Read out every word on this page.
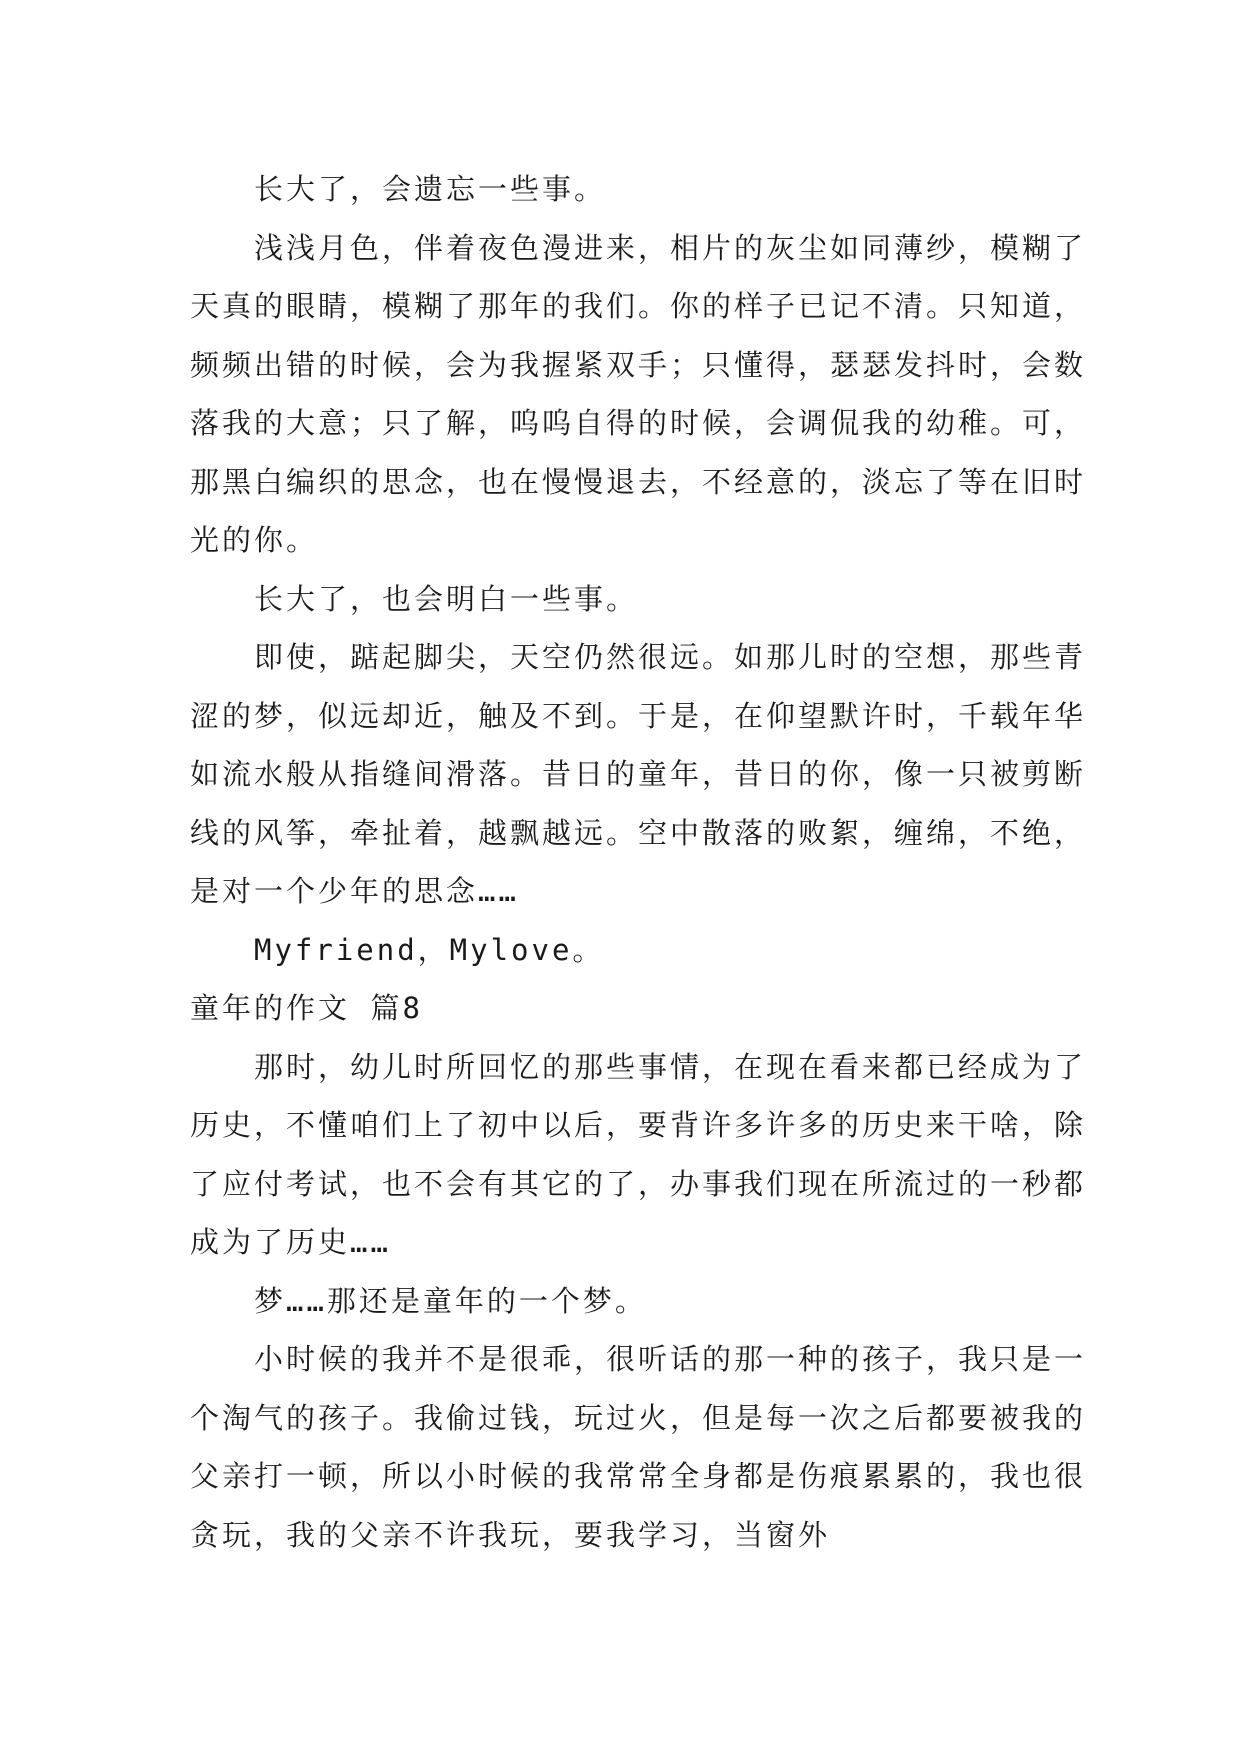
长大了，会遗忘一些事。

浅浅月色，伴着夜色漫进来，相片的灰尘如同薄纱，模糊了天真的眼睛，模糊了那年的我们。你的样子已记不清。只知道，频频出错的时候，会为我握紧双手；只懂得，瑟瑟发抖时，会数落我的大意；只了解，呜呜自得的时候，会调侃我的幼稚。可，那黑白编织的思念，也在慢慢退去，不经意的，淡忘了等在旧时光的你。

长大了，也会明白一些事。

即使，踮起脚尖，天空仍然很远。如那儿时的空想，那些青涩的梦，似远却近，触及不到。于是，在仰望默许时，千载年华如流水般从指缝间滑落。昔日的童年，昔日的你，像一只被剪断线的风筝，牵扯着，越飘越远。空中散落的败絮，缠绵，不绝，是对一个少年的思念……

Myfriend，Mylove。

童年的作文 篇8

那时，幼儿时所回忆的那些事情，在现在看来都已经成为了历史，不懂咱们上了初中以后，要背许多许多的历史来干啥，除了应付考试，也不会有其它的了，办事我们现在所流过的一秒都成为了历史……

梦……那还是童年的一个梦。

小时候的我并不是很乖，很听话的那一种的孩子，我只是一个淘气的孩子。我偷过钱，玩过火，但是每一次之后都要被我的父亲打一顿，所以小时候的我常常全身都是伤痕累累的，我也很贪玩，我的父亲不许我玩，要我学习，当窗外
